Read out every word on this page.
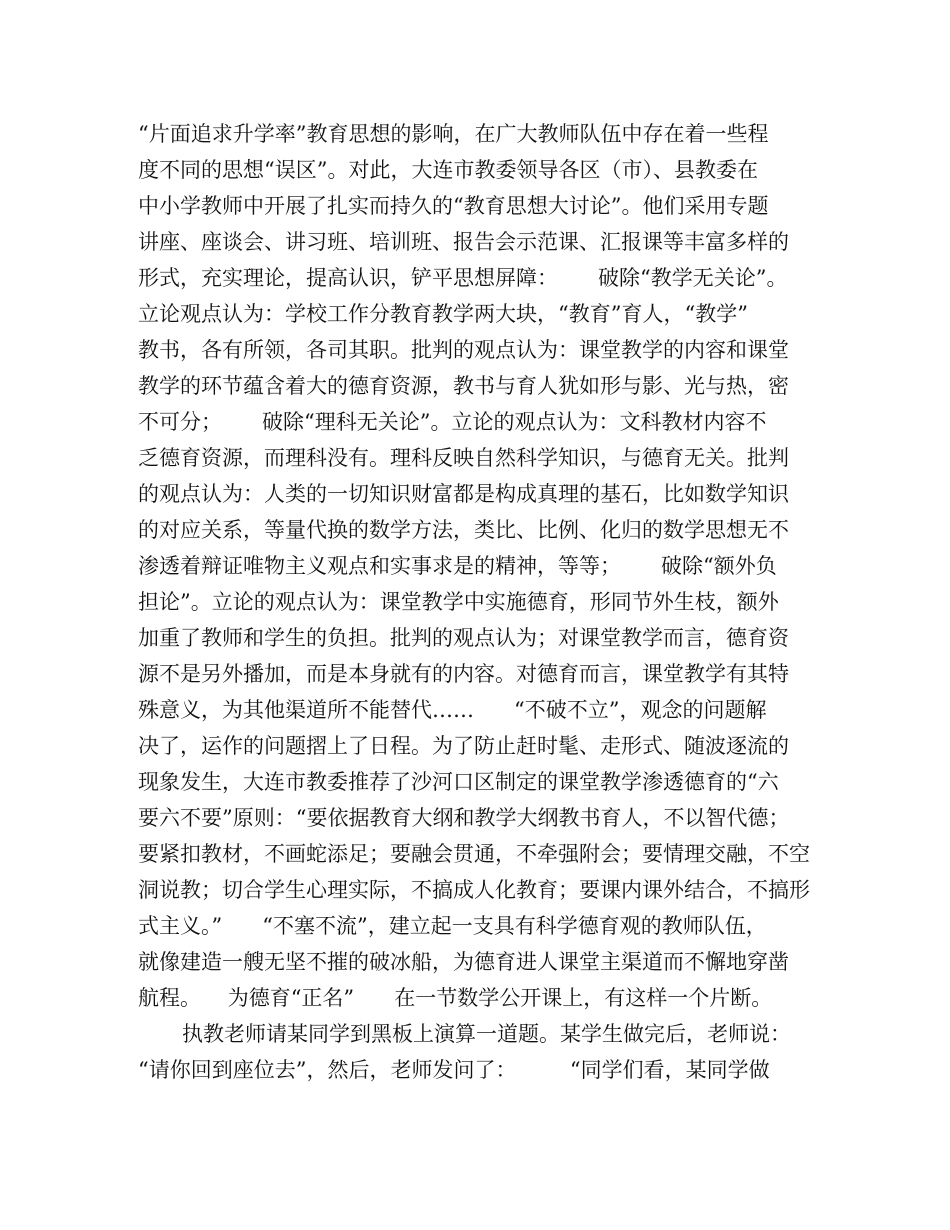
“片面追求升学率”教育思想的影响，在广大教师队伍中存在着一些程
度不同的思想“误区”。对此，大连市教委领导各区（市）、县教委在
中小学教师中开展了扎实而持久的“教育思想大讨论”。他们采用专题
讲座、座谈会、讲习班、培训班、报告会示范课、汇报课等丰富多样的
形式，充实理论，提高认识，铲平思想屏障：      破除“教学无关论”。
立论观点认为：学校工作分教育教学两大块，“教育”育人，“教学”
教书，各有所领，各司其职。批判的观点认为：课堂教学的内容和课堂
教学的环节蕴含着大的德育资源，教书与育人犹如形与影、光与热，密
不可分；      破除“理科无关论”。立论的观点认为：文科教材内容不
乏德育资源，而理科没有。理科反映自然科学知识，与德育无关。批判
的观点认为：人类的一切知识财富都是构成真理的基石，比如数学知识
的对应关系，等量代换的数学方法，类比、比例、化归的数学思想无不
渗透着辩证唯物主义观点和实事求是的精神，等等；      破除“额外负
担论”。立论的观点认为：课堂教学中实施德育，形同节外生枝，额外
加重了教师和学生的负担。批判的观点认为；对课堂教学而言，德育资
源不是另外播加，而是本身就有的内容。对德育而言，课堂教学有其特
殊意义，为其他渠道所不能替代……      “不破不立”，观念的问题解
决了，运作的问题摺上了日程。为了防止赶时髦、走形式、随波逐流的
现象发生，大连市教委推荐了沙河口区制定的课堂教学渗透德育的“六
要六不要”原则：“要依据教育大纲和教学大纲教书育人，不以智代德；
要紧扣教材，不画蛇添足；要融会贯通，不牵强附会；要情理交融，不空
洞说教；切合学生心理实际，不搞成人化教育；要课内课外结合，不搞形
式主义。”      “不塞不流”，建立起一支具有科学德育观的教师队伍，
就像建造一艘无坚不摧的破冰船，为德育进人课堂主渠道而不懈地穿凿
航程。    为德育“正名”      在一节数学公开课上，有这样一个片断。
执教老师请某同学到黑板上演算一道题。某学生做完后，老师说：
“请你回到座位去”，然后，老师发问了：        “同学们看，某同学做
